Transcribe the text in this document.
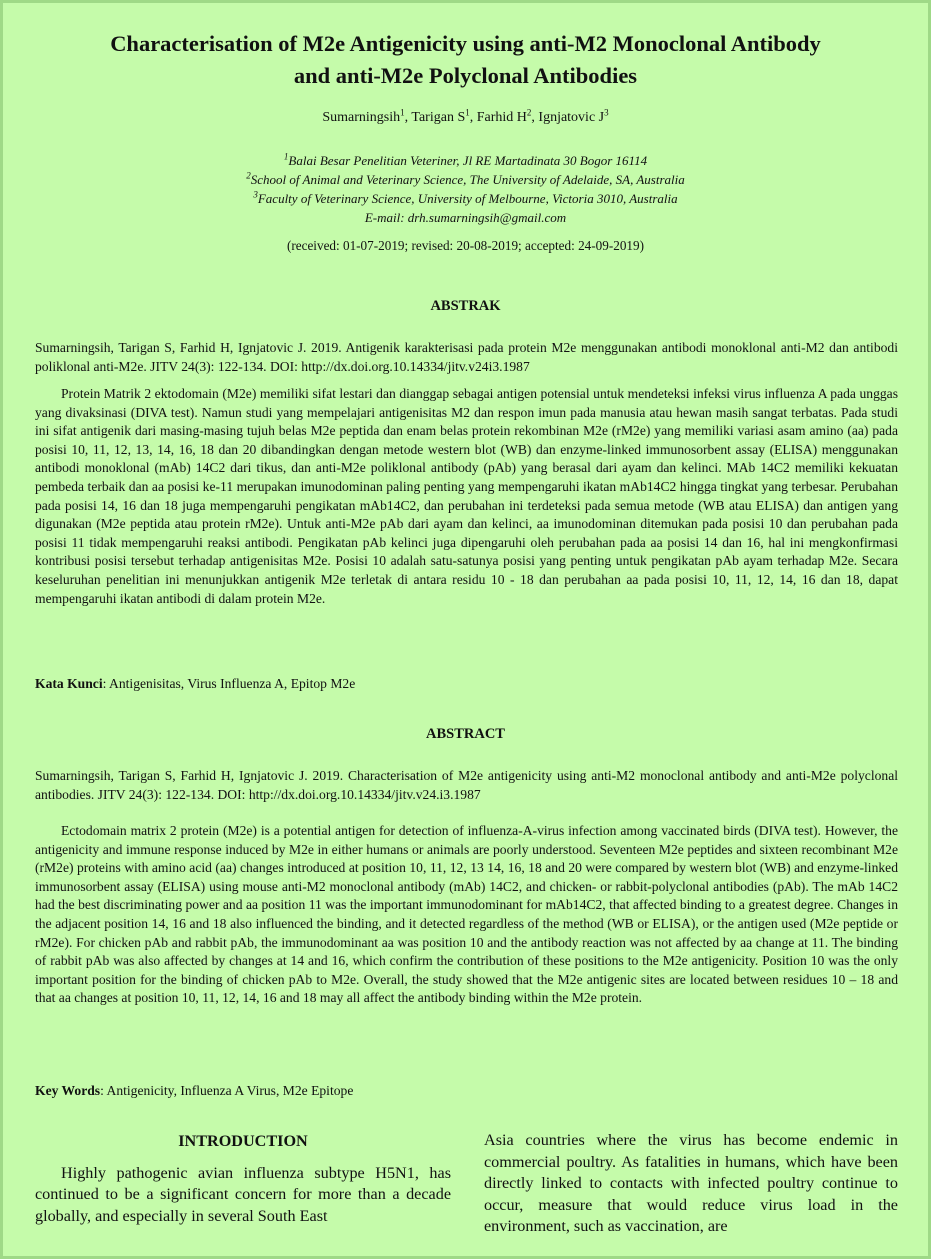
Characterisation of M2e Antigenicity using anti-M2 Monoclonal Antibody
and anti-M2e Polyclonal Antibodies
Sumarningsih$^1$, Tarigan $S^1$, Farhid $H^2$, Ignjatovic $J^3$
$^1$Balai Besar Penelitian Veteriner, Jl RE Martadinata 30 Bogor 16114
$^2$School of Animal and Veterinary Science, The University of Adelaide, SA, Australia
$^3$Faculty of Veterinary Science, University of Melbourne, Victoria 3010, Australia
E-mail: drh.sumarningsih@gmail.com
(received: 01-07-2019; revised: 20-08-2019; accepted: 24-09-2019)
ABSTRAK

Sumarningsih, Tarigan S, Farhid H, Ignjatovic J. 2019. Antigenik karakterisasi pada protein M2e menggunakan antibodi monoklonal anti-M2 dan antibodi poliklonal anti-M2e. JITV 24(3): 122-134. DOI: http://dx.doi.org.10.14334/jitv.v24i3.1987

Protein Matrik 2 ektodomain (M2e) memiliki sifat lestari dan dianggap sebagai antigen potensial untuk mendeteksi infeksi virus influenza A pada unggas yang divaksinasi (DIVA test). Namun studi yang mempelajari antigenisitas M2 dan respon imun pada manusia atau hewan masih sangat terbatas. Pada studi ini sifat antigenik dari masing-masing tujuh belas M2e peptida dan enam belas protein rekombinan M2e (rM2e) yang memiliki variasi asam amino (aa) pada posisi 10, 11, 12, 13, 14, 16, 18 dan 20 dibandingkan dengan metode western blot (WB) dan enzyme-linked immunosorbent assay (ELISA) menggunakan antibodi monoklonal (mAb) 14C2 dari tikus, dan anti-M2e poliklonal antibody (pAb) yang berasal dari ayam dan kelinci. MAb 14C2 memiliki kekuatan pembeda terbaik dan aa posisi ke-11 merupakan imunodominan paling penting yang mempengaruhi ikatan mAb14C2 hingga tingkat yang terbesar. Perubahan pada posisi 14, 16 dan 18 juga mempengaruhi pengikatan mAb14C2, dan perubahan ini terdeteksi pada semua metode (WB atau ELISA) dan antigen yang digunakan (M2e peptida atau protein rM2e). Untuk anti-M2e pAb dari ayam dan kelinci, aa imunodominan ditemukan pada posisi 10 dan perubahan pada posisi 11 tidak mempengaruhi reaksi antibodi. Pengikatan pAb kelinci juga dipengaruhi oleh perubahan pada aa posisi 14 dan 16, hal ini mengkonfirmasi kontribusi posisi tersebut terhadap antigenisitas M2e. Posisi 10 adalah satu-satunya posisi yang penting untuk pengikatan pAb ayam terhadap M2e. Secara keseluruhan penelitian ini menunjukkan antigenik M2e terletak di antara residu 10 - 18 dan perubahan aa pada posisi 10, 11, 12, 14, 16 dan 18, dapat mempengaruhi ikatan antibodi di dalam protein M2e.

Kata Kunci: Antigenisitas, Virus Influenza A, Epitop M2e
ABSTRACT

Sumarningsih, Tarigan S, Farhid H, Ignjatovic J. 2019. Characterisation of M2e antigenicity using anti-M2 monoclonal antibody and anti-M2e polyclonal antibodies. JITV 24(3): 122-134. DOI: http://dx.doi.org.10.14334/jitv.v24.i3.1987

Ectodomain matrix 2 protein (M2e) is a potential antigen for detection of influenza-A-virus infection among vaccinated birds (DIVA test). However, the antigenicity and immune response induced by M2e in either humans or animals are poorly understood. Seventeen M2e peptides and sixteen recombinant M2e (rM2e) proteins with amino acid (aa) changes introduced at position 10, 11, 12, 13 14, 16, 18 and 20 were compared by western blot (WB) and enzyme-linked immunosorbent assay (ELISA) using mouse anti-M2 monoclonal antibody (mAb) 14C2, and chicken- or rabbit-polyclonal antibodies (pAb). The mAb 14C2 had the best discriminating power and aa position 11 was the important immunodominant for mAb14C2, that affected binding to a greatest degree. Changes in the adjacent position 14, 16 and 18 also influenced the binding, and it detected regardless of the method (WB or ELISA), or the antigen used (M2e peptide or rM2e). For chicken pAb and rabbit pAb, the immunodominant aa was position 10 and the antibody reaction was not affected by aa change at 11. The binding of rabbit pAb was also affected by changes at 14 and 16, which confirm the contribution of these positions to the M2e antigenicity. Position 10 was the only important position for the binding of chicken pAb to M2e. Overall, the study showed that the M2e antigenic sites are located between residues 10 – 18 and that aa changes at position 10, 11, 12, 14, 16 and 18 may all affect the antibody binding within the M2e protein.

Key Words: Antigenicity, Influenza A Virus, M2e Epitope
INTRODUCTION

Highly pathogenic avian influenza subtype H5N1, has continued to be a significant concern for more than a decade globally, and especially in several South East

Asia countries where the virus has become endemic in commercial poultry. As fatalities in humans, which have been directly linked to contacts with infected poultry continue to occur, measure that would reduce virus load in the environment, such as vaccination, are
